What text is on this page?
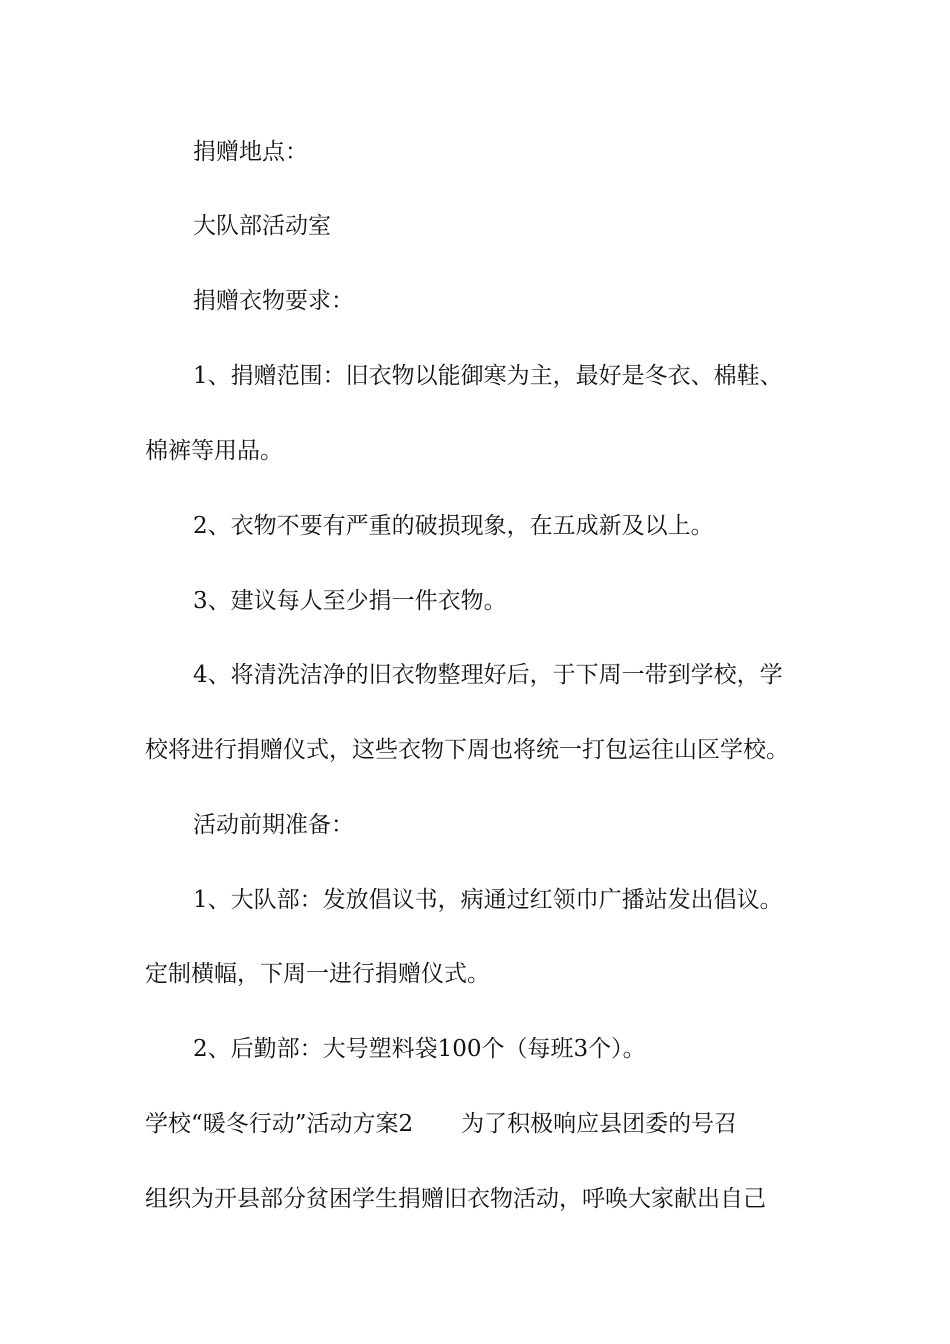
捐赠地点：
大队部活动室
捐赠衣物要求：
1、捐赠范围：旧衣物以能御寒为主，最好是冬衣、棉鞋、
棉裤等用品。
2、衣物不要有严重的破损现象，在五成新及以上。
3、建议每人至少捐一件衣物。
4、将清洗洁净的旧衣物整理好后，于下周一带到学校，学
校将进行捐赠仪式，这些衣物下周也将统一打包运往山区学校。
活动前期准备：
1、大队部：发放倡议书，病通过红领巾广播站发出倡议。
定制横幅，下周一进行捐赠仪式。
2、后勤部：大号塑料袋100个（每班3个）。
学校“暖冬行动”活动方案2 为了积极响应县团委的号召
组织为开县部分贫困学生捐赠旧衣物活动，呼唤大家献出自己
